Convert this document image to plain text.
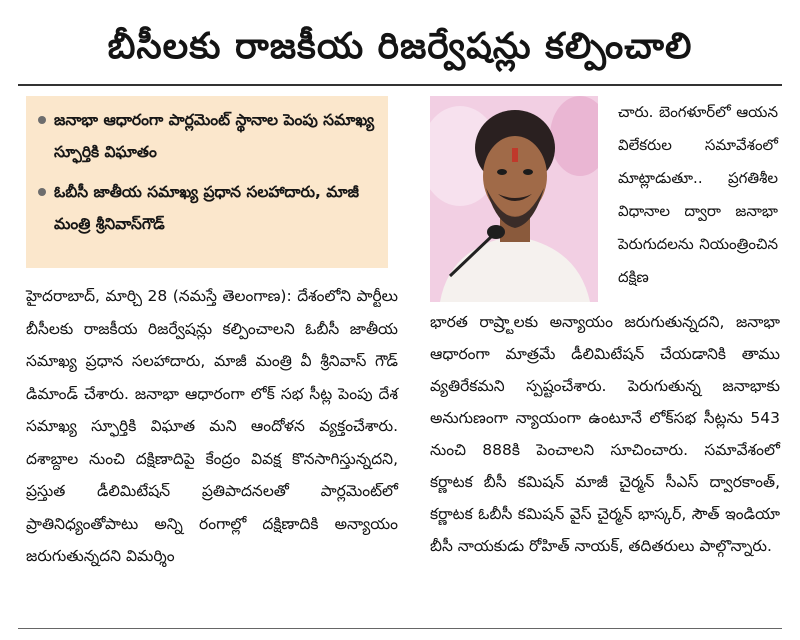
బీసీలకు రాజకీయ రిజర్వేషన్లు కల్పించాలి
జనాభా ఆధారంగా పార్లమెంట్ స్థానాల పెంపు సమాఖ్య స్ఫూర్తికి విఘాతం
ఓబీసీ జాతీయ సమాఖ్య ప్రధాన సలహాదారు, మాజీ మంత్రి శ్రీనివాస్‌గౌడ్

చారు. బెంగళూర్‌లో ఆయన విలేకరుల సమావేశంలో మాట్లాడుతూ.. ప్రగతిశీల విధానాల ద్వారా జనాభా పెరుగుదలను నియంత్రించిన దక్షిణ

హైదరాబాద్, మార్చి 28 (నమస్తే తెలంగాణ): దేశంలోని పార్టీలు బీసీలకు రాజకీయ రిజర్వేషన్లు కల్పించాలని ఓబీసీ జాతీయ సమాఖ్య ప్రధాన సలహాదారు, మాజీ మంత్రి వీ శ్రీనివాస్ గౌడ్ డిమాండ్ చేశారు. జనాభా ఆధారంగా లోక్ సభ సీట్ల పెంపు దేశ సమాఖ్య స్ఫూర్తికి విఘాత మని ఆందోళన వ్యక్తంచేశారు. దశాబ్దాల నుంచి దక్షిణాదిపై కేంద్రం వివక్ష కొనసాగిస్తున్నదని, ప్రస్తుత డీలిమిటేషన్ ప్రతిపాదనలతో పార్లమెంట్‌లో ప్రాతినిధ్యంతోపాటు అన్ని రంగాల్లో దక్షిణాదికి అన్యాయం జరుగుతున్నదని విమర్శిం

భారత రాష్ర్టాలకు అన్యాయం జరుగుతున్నదని, జనాభా ఆధారంగా మాత్రమే డీలిమిటేషన్ చేయడానికి తాము వ్యతిరేకమని స్పష్టంచేశారు. పెరుగుతున్న జనాభాకు అనుగుణంగా న్యాయంగా ఉంటూనే లోక్‌సభ సీట్లను 543 నుంచి 888కి పెంచాలని సూచించారు. సమావేశంలో కర్ణాటక బీసీ కమిషన్ మాజీ చైర్మన్ సీఎస్ ద్వారకాంత్, కర్ణాటక ఓబీసీ కమిషన్ వైస్ చైర్మన్ భాస్కర్, సౌత్ ఇండియా బీసీ నాయకుడు రోహిత్ నాయక్, తదితరులు పాల్గొన్నారు.
